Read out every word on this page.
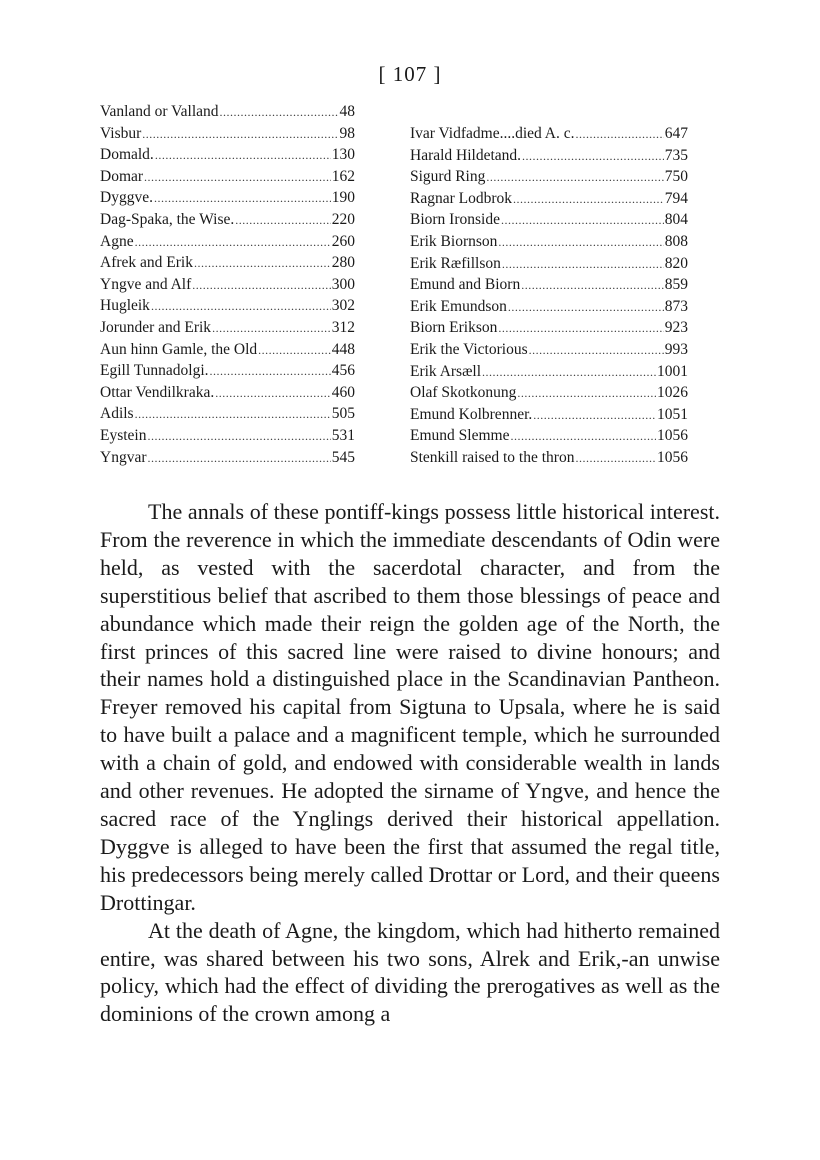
[ 107 ]
Vanland or Valland .....	48
Visbur .....	98
Domald. .....	130
Domar .....	162
Dyggve. .....	190
Dag-Spaka, the Wise. .....	220
Agne .....	260
Afrek and Erik .....	280
Yngve and Alf .....	300
Hugleik .....	302
Jorunder and Erik .....	312
Aun hinn Gamle, the Old .....	448
Egill Tunnadolgi. .....	456
Ottar Vendilkraka. .....	460
Adils .....	505
Eystein .....	531
Yngvar .....	545
Ivar Vidfadme....died A. c. .....	647
Harald Hildetand. .....	735
Sigurd Ring .....	750
Ragnar Lodbrok .....	794
Biorn Ironside .....	804
Erik Biornson .....	808
Erik Ræfillson .....	820
Emund and Biorn .....	859
Erik Emundson .....	873
Biorn Erikson .....	923
Erik the Victorious .....	993
Erik Arsæll .....	1001
Olaf Skotkonung .....	1026
Emund Kolbrenner. .....	1051
Emund Slemme .....	1056
Stenkill raised to the thron .....	1056

The annals of these pontiff-kings possess little historical interest. From the reverence in which the immediate descendants of Odin were held, as vested with the sacerdotal character, and from the superstitious belief that ascribed to them those blessings of peace and abundance which made their reign the golden age of the North, the first princes of this sacred line were raised to divine honours; and their names hold a distinguished place in the Scandinavian Pantheon. Freyer removed his capital from Sigtuna to Upsala, where he is said to have built a palace and a magnificent temple, which he surrounded with a chain of gold, and endowed with considerable wealth in lands and other revenues. He adopted the sirname of Yngve, and hence the sacred race of the Ynglings derived their historical appellation. Dyggve is alleged to have been the first that assumed the regal title, his predecessors being merely called Drottar or Lord, and their queens Drottingar.

At the death of Agne, the kingdom, which had hitherto remained entire, was shared between his two sons, Alrek and Erik,-an unwise policy, which had the effect of dividing the prerogatives as well as the dominions of the crown among a
